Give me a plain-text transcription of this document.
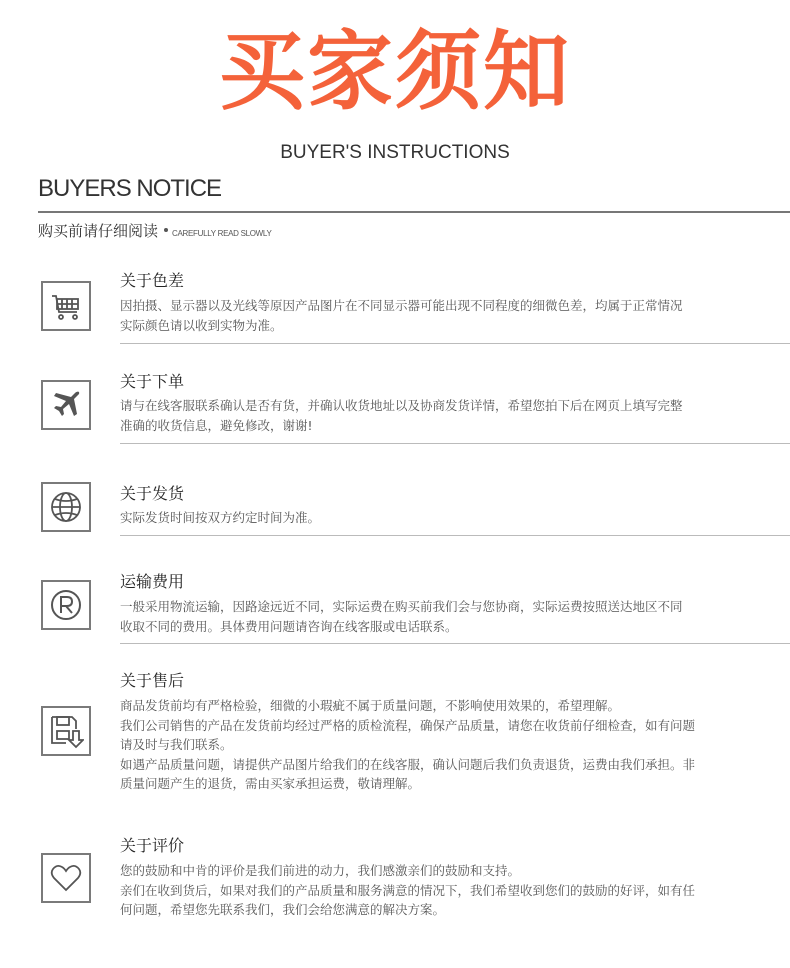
买家须知
BUYER'S INSTRUCTIONS
BUYERS NOTICE
购买前请仔细阅读 CAREFULLY READ SLOWLY
关于色差

因拍摄、显示器以及光线等原因产品图片在不同显示器可能出现不同程度的细微色差，均属于正常情况

实际颜色请以收到实物为准。

关于下单

请与在线客服联系确认是否有货，并确认收货地址以及协商发货详情，希望您拍下后在网页上填写完整

准确的收货信息，避免修改，谢谢!

关于发货

实际发货时间按双方约定时间为准。

运输费用

一般采用物流运输，因路途远近不同，实际运费在购买前我们会与您协商，实际运费按照送达地区不同

收取不同的费用。具体费用问题请咨询在线客服或电话联系。

关于售后

商品发货前均有严格检验，细微的小瑕疵不属于质量问题，不影响使用效果的，希望理解。

我们公司销售的产品在发货前均经过严格的质检流程，确保产品质量，请您在收货前仔细检查，如有问题

请及时与我们联系。

如遇产品质量问题，请提供产品图片给我们的在线客服，确认问题后我们负责退货，运费由我们承担。非

质量问题产生的退货，需由买家承担运费，敬请理解。

关于评价

您的鼓励和中肯的评价是我们前进的动力，我们感激亲们的鼓励和支持。

亲们在收到货后，如果对我们的产品质量和服务满意的情况下，我们希望收到您们的鼓励的好评，如有任

何问题，希望您先联系我们，我们会给您满意的解决方案。
